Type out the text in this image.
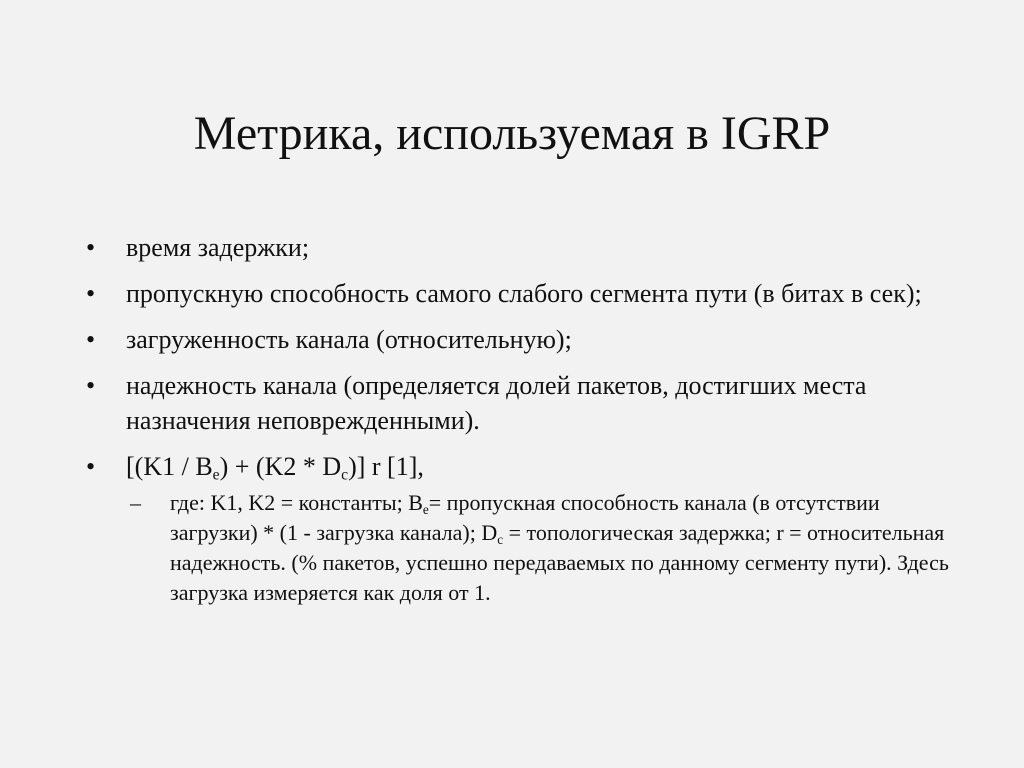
Метрика, используемая в IGRP
• время задержки;
• пропускную способность самого слабого сегмента пути (в битах в сек);
• загруженность канала (относительную);
• надежность канала (определяется долей пакетов, достигших места назначения неповрежденными).
• $[(K1 / B_e) + (K2 * D_c)]$ r [1],
– где: K1, K2 = константы; $B_e=$ пропускная способность канала (в отсутствии загрузки) * (1 - загрузка канала); $D_c$ = топологическая задержка; r = относительная надежность. (% пакетов, успешно передаваемых по данному сегменту пути). Здесь загрузка измеряется как доля от 1.
